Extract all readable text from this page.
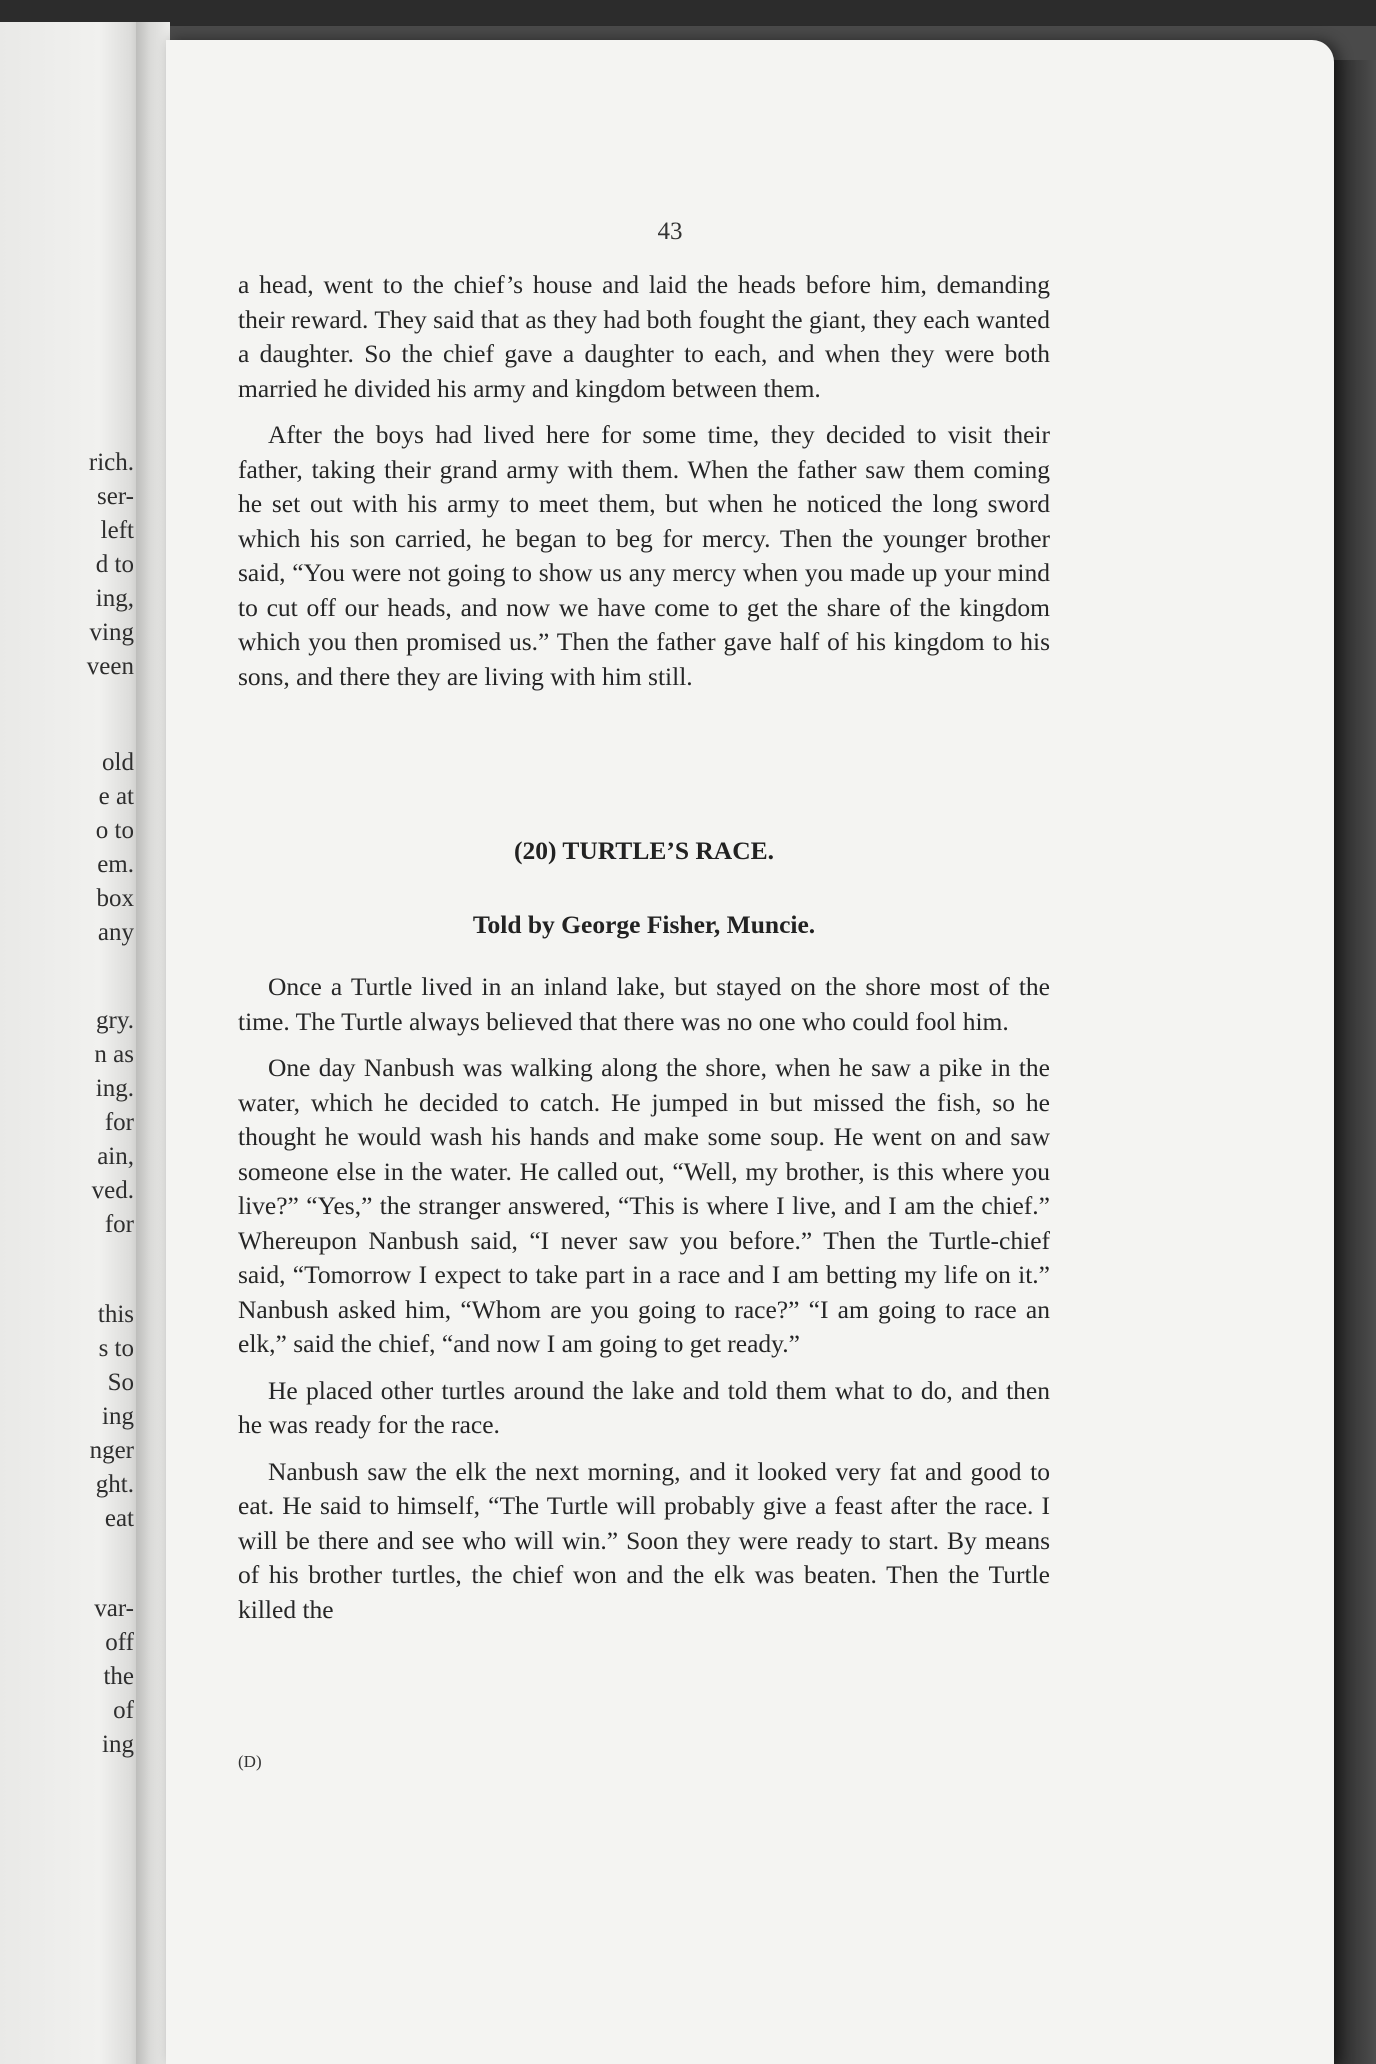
rich.
ser-
left
d to
ing,
ving
veen
old
e at
o to
em.
box
any
gry.
n as
ing.
for
ain,
ved.
for
this
s to
So
ing
nger
ght.
eat
var-
off
the
of
ing
43

a head, went to the chief’s house and laid the heads before him, demanding their reward. They said that as they had both fought the giant, they each wanted a daughter. So the chief gave a daughter to each, and when they were both married he divided his army and kingdom between them.

After the boys had lived here for some time, they decided to visit their father, taking their grand army with them. When the father saw them coming he set out with his army to meet them, but when he noticed the long sword which his son carried, he began to beg for mercy. Then the younger brother said, “You were not going to show us any mercy when you made up your mind to cut off our heads, and now we have come to get the share of the kingdom which you then promised us.” Then the father gave half of his kingdom to his sons, and there they are living with him still.

(20) TURTLE’S RACE.
Told by George Fisher, Muncie.

Once a Turtle lived in an inland lake, but stayed on the shore most of the time. The Turtle always believed that there was no one who could fool him.

One day Nanbush was walking along the shore, when he saw a pike in the water, which he decided to catch. He jumped in but missed the fish, so he thought he would wash his hands and make some soup. He went on and saw someone else in the water. He called out, “Well, my brother, is this where you live?” “Yes,” the stranger answered, “This is where I live, and I am the chief.” Whereupon Nanbush said, “I never saw you before.” Then the Turtle-chief said, “Tomorrow I expect to take part in a race and I am betting my life on it.” Nanbush asked him, “Whom are you going to race?” “I am going to race an elk,” said the chief, “and now I am going to get ready.”

He placed other turtles around the lake and told them what to do, and then he was ready for the race.

Nanbush saw the elk the next morning, and it looked very fat and good to eat. He said to himself, “The Turtle will probably give a feast after the race. I will be there and see who will win.” Soon they were ready to start. By means of his brother turtles, the chief won and the elk was beaten. Then the Turtle killed the

(D)
